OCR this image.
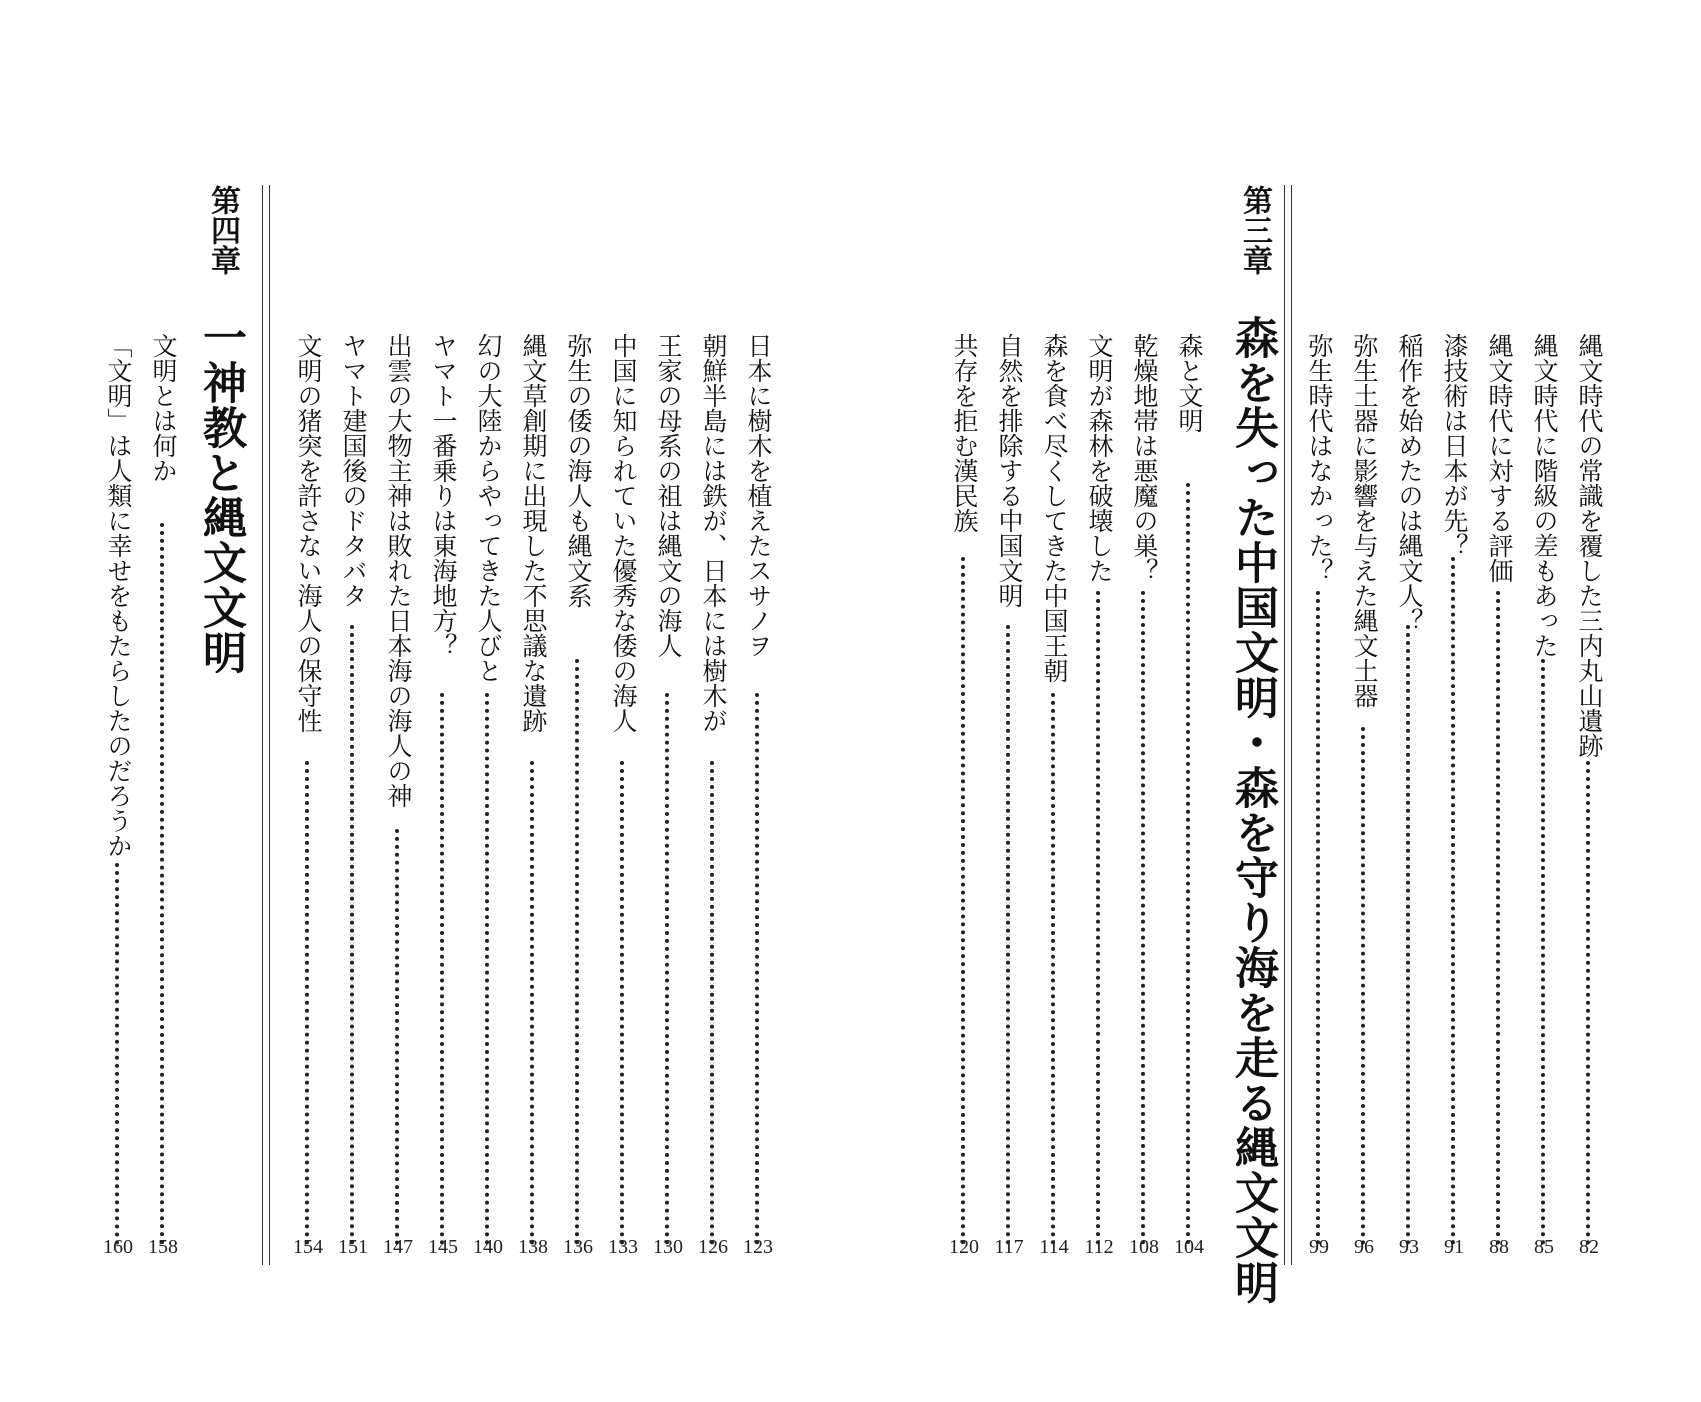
縄文時代の常識を覆した三内丸山遺跡
82
縄文時代に階級の差もあった
85
縄文時代に対する評価
88
漆技術は日本が先？
91
稲作を始めたのは縄文人？
93
弥生土器に影響を与えた縄文土器
96
弥生時代はなかった？
99
第三章
森を失った中国文明・森を守り海を走る縄文文明
森と文明
104
乾燥地帯は悪魔の巣？
108
文明が森林を破壊した
112
森を食べ尽くしてきた中国王朝
114
自然を排除する中国文明
117
共存を拒む漢民族
120
日本に樹木を植えたスサノヲ
123
朝鮮半島には鉄が、日本には樹木が
126
王家の母系の祖は縄文の海人
130
中国に知られていた優秀な倭の海人
133
弥生の倭の海人も縄文系
136
縄文草創期に出現した不思議な遺跡
138
幻の大陸からやってきた人びと
140
ヤマト一番乗りは東海地方？
145
出雲の大物主神は敗れた日本海の海人の神
147
ヤマト建国後のドタバタ
151
文明の猪突を許さない海人の保守性
154
第四章
一神教と縄文文明
文明とは何か
158
「文明」は人類に幸せをもたらしたのだろうか
160
